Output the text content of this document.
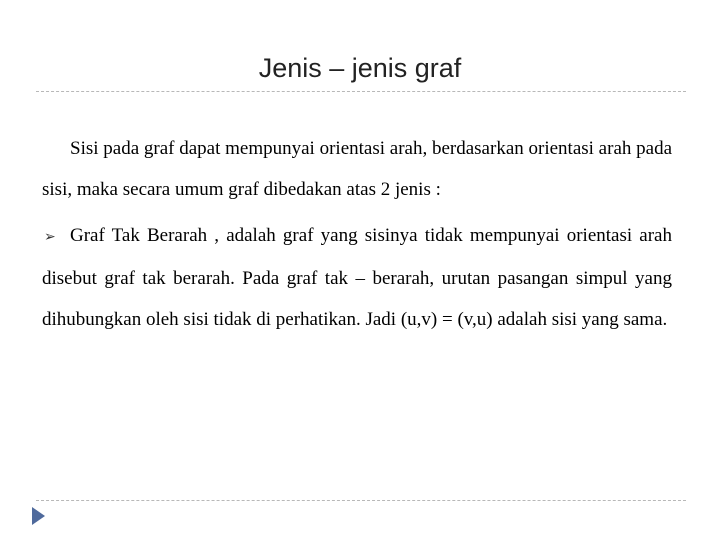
Jenis – jenis graf

Sisi pada graf dapat mempunyai orientasi arah, berdasarkan orientasi arah pada sisi, maka secara umum graf dibedakan atas 2 jenis :

➢ Graf Tak Berarah , adalah graf yang sisinya tidak mempunyai orientasi arah disebut graf tak berarah. Pada graf tak – berarah, urutan pasangan simpul yang dihubungkan oleh sisi tidak di perhatikan. Jadi (u,v) = (v,u) adalah sisi yang sama.
